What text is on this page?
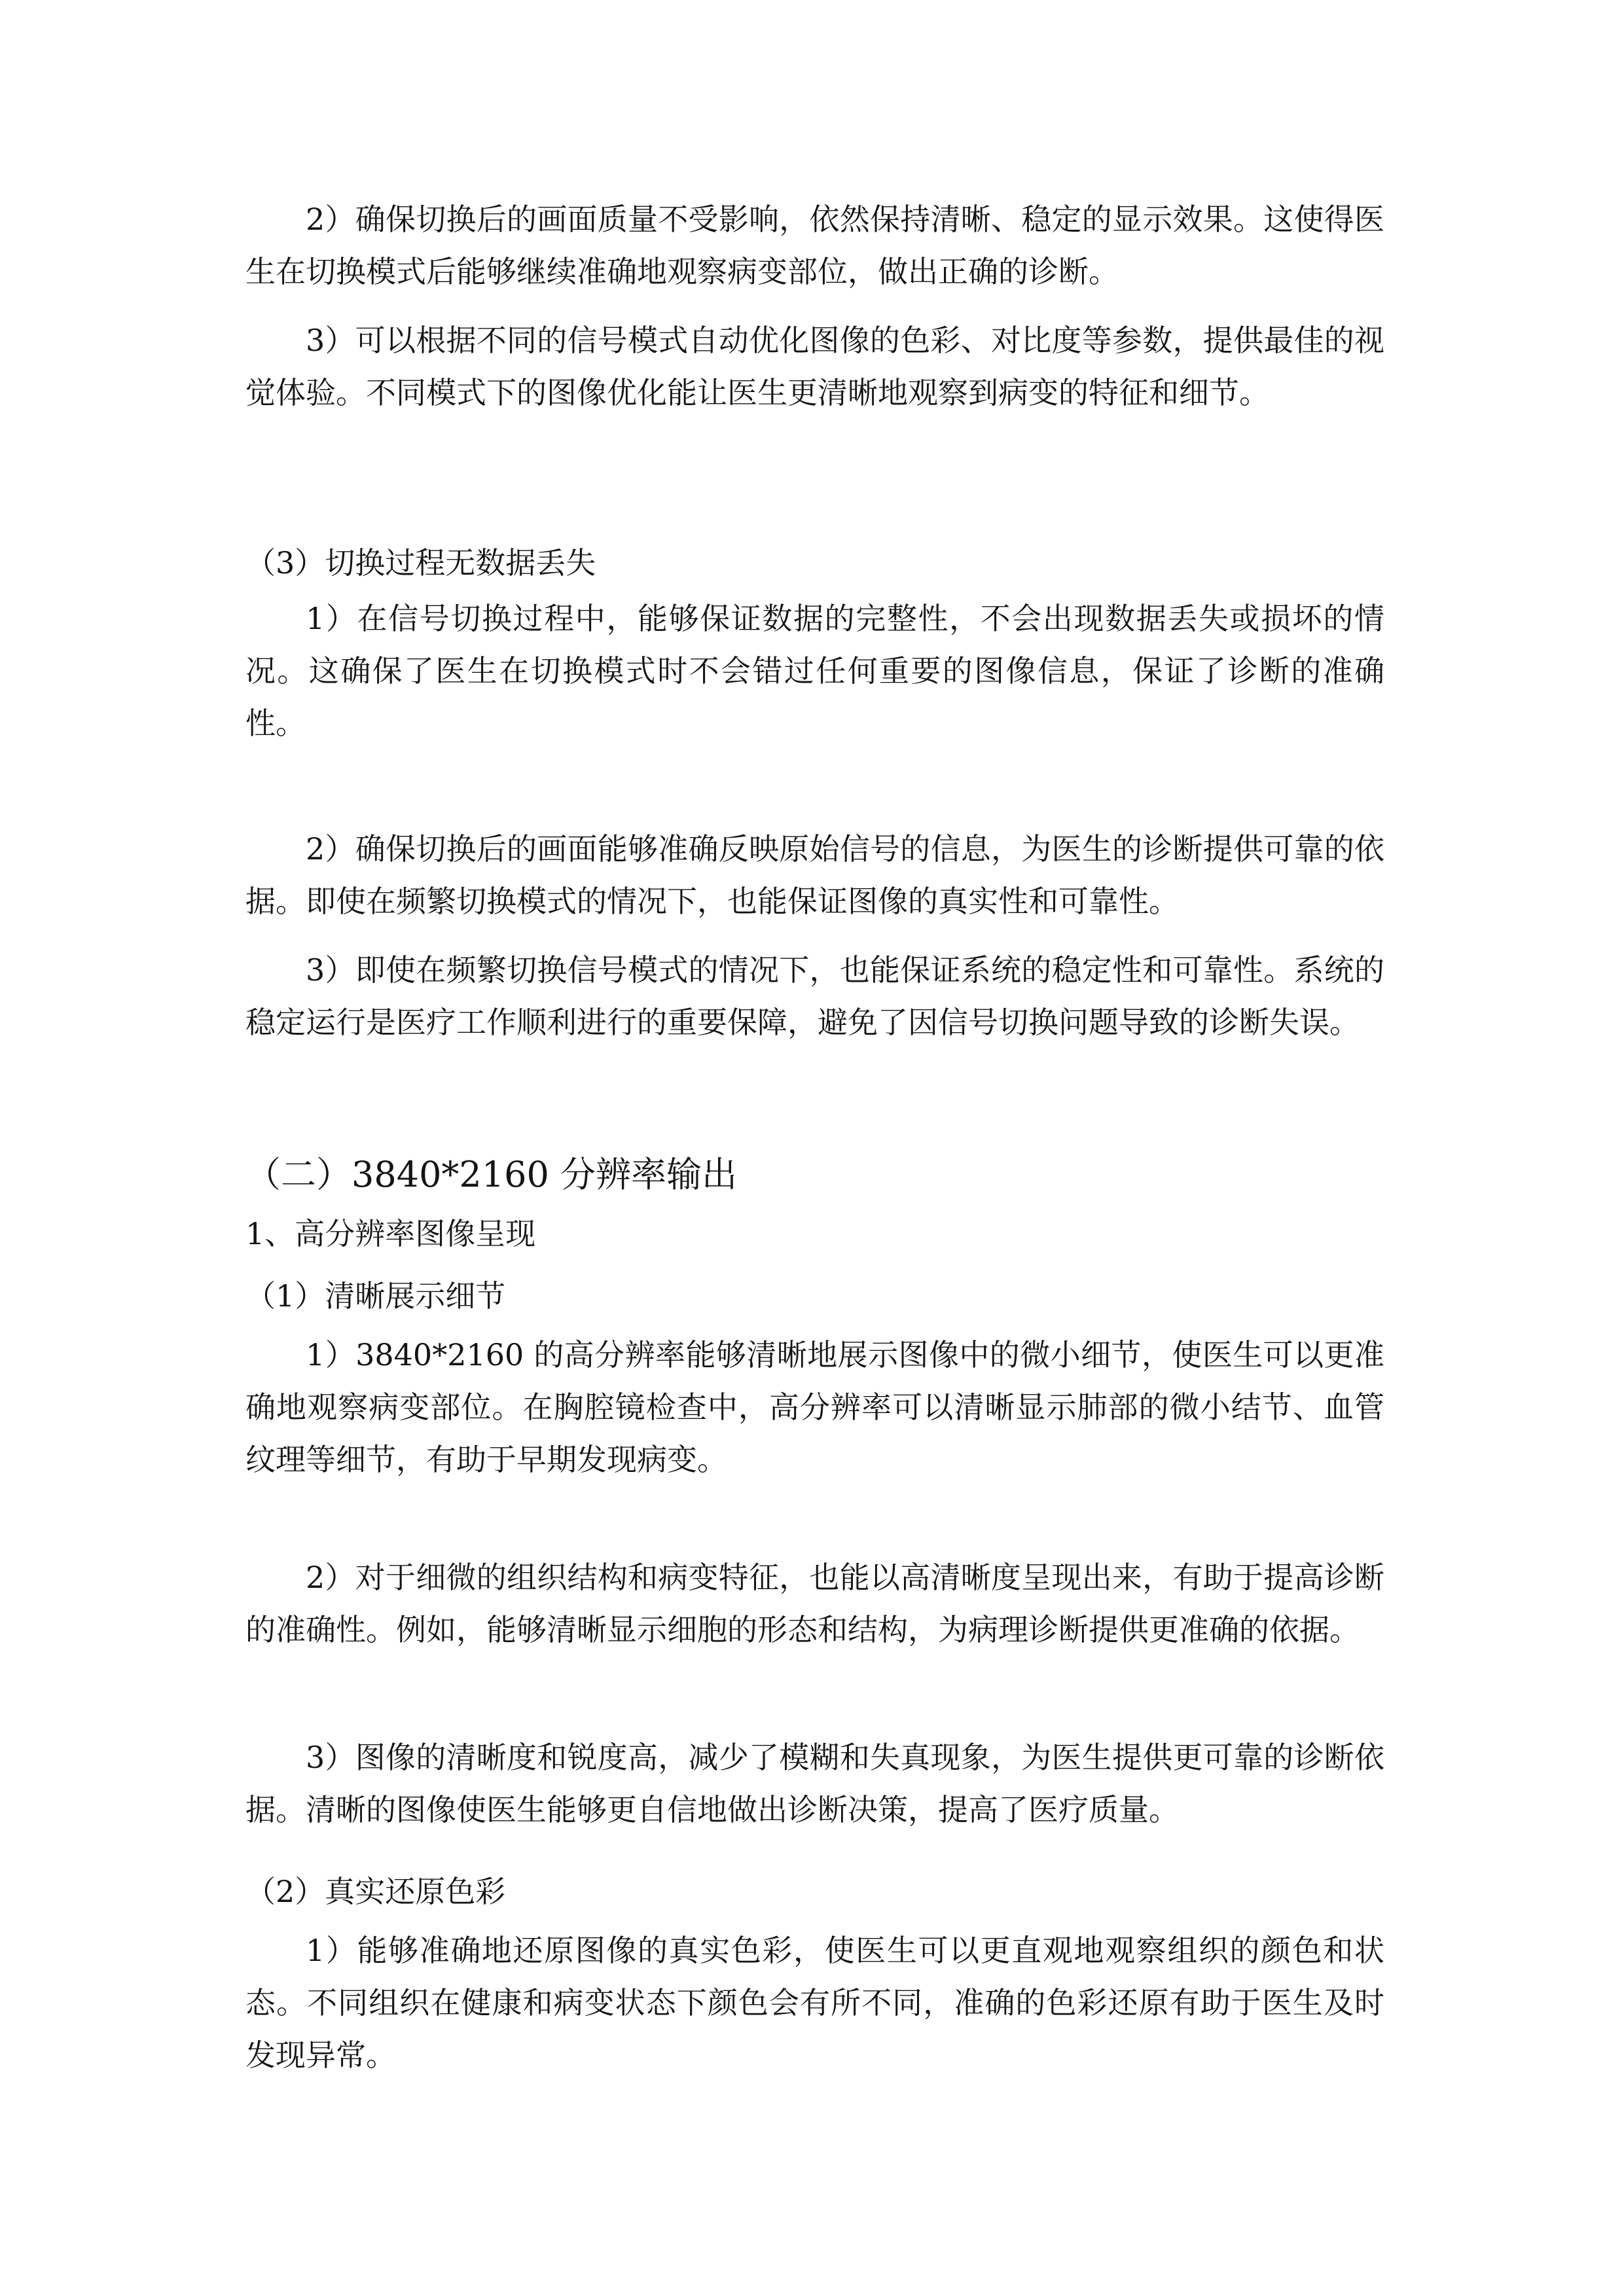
2）确保切换后的画面质量不受影响，依然保持清晰、稳定的显示效果。这使得医生在切换模式后能够继续准确地观察病变部位，做出正确的诊断。

3）可以根据不同的信号模式自动优化图像的色彩、对比度等参数，提供最佳的视觉体验。不同模式下的图像优化能让医生更清晰地观察到病变的特征和细节。

（3）切换过程无数据丢失

1）在信号切换过程中，能够保证数据的完整性，不会出现数据丢失或损坏的情况。这确保了医生在切换模式时不会错过任何重要的图像信息，保证了诊断的准确性。

2）确保切换后的画面能够准确反映原始信号的信息，为医生的诊断提供可靠的依据。即使在频繁切换模式的情况下，也能保证图像的真实性和可靠性。

3）即使在频繁切换信号模式的情况下，也能保证系统的稳定性和可靠性。系统的稳定运行是医疗工作顺利进行的重要保障，避免了因信号切换问题导致的诊断失误。

（二）3840*2160 分辨率输出
1、高分辨率图像呈现
（1）清晰展示细节

1）3840*2160 的高分辨率能够清晰地展示图像中的微小细节，使医生可以更准确地观察病变部位。在胸腔镜检查中，高分辨率可以清晰显示肺部的微小结节、血管纹理等细节，有助于早期发现病变。

2）对于细微的组织结构和病变特征，也能以高清晰度呈现出来，有助于提高诊断的准确性。例如，能够清晰显示细胞的形态和结构，为病理诊断提供更准确的依据。

3）图像的清晰度和锐度高，减少了模糊和失真现象，为医生提供更可靠的诊断依据。清晰的图像使医生能够更自信地做出诊断决策，提高了医疗质量。

（2）真实还原色彩

1）能够准确地还原图像的真实色彩，使医生可以更直观地观察组织的颜色和状态。不同组织在健康和病变状态下颜色会有所不同，准确的色彩还原有助于医生及时发现异常。
